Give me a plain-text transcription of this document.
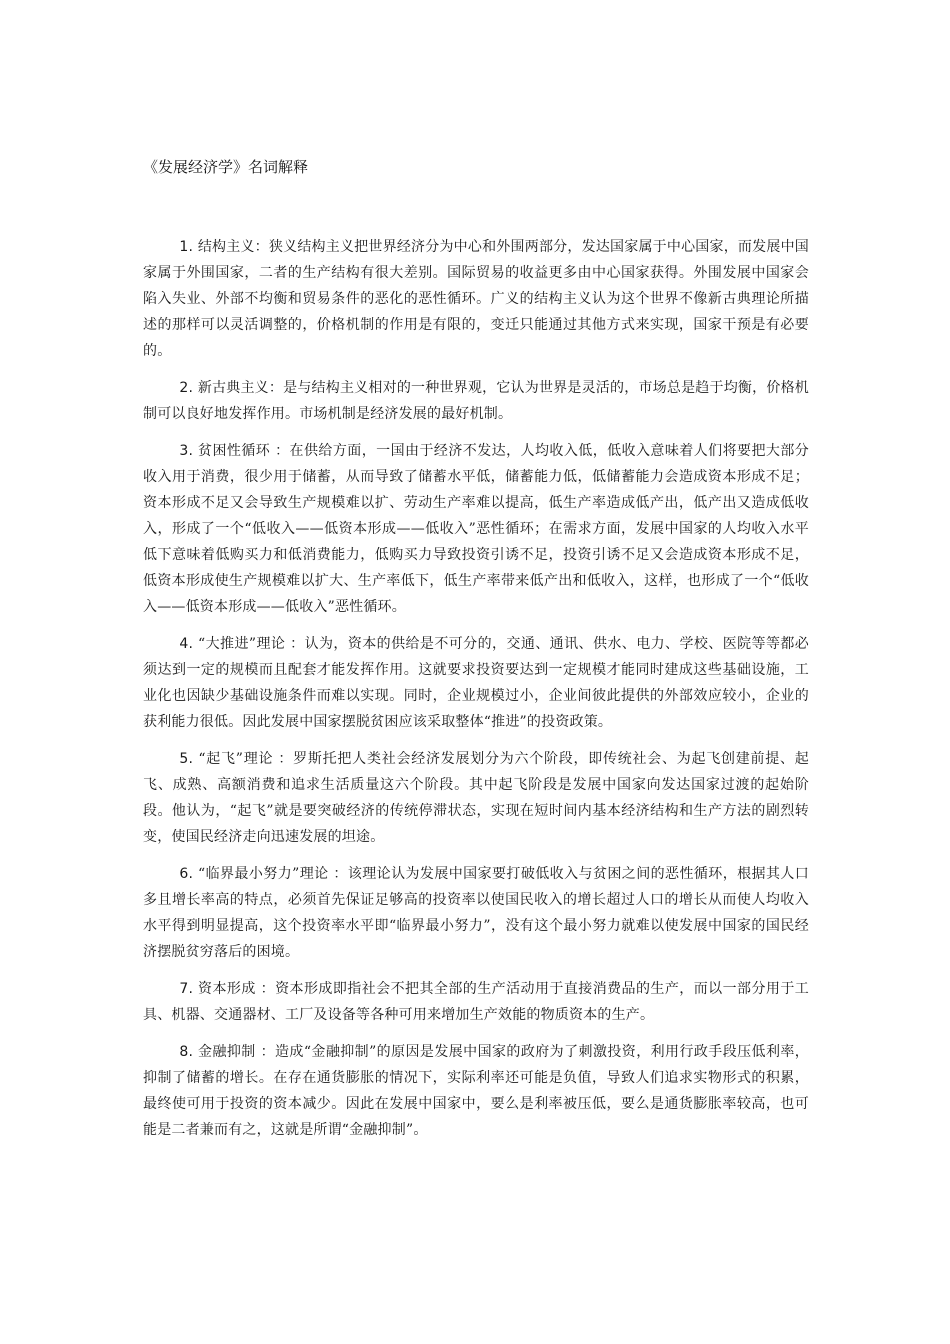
《发展经济学》名词解释

1. 结构主义：狭义结构主义把世界经济分为中心和外围两部分，发达国家属于中心国家，而发展中国家属于外围国家，二者的生产结构有很大差别。国际贸易的收益更多由中心国家获得。外围发展中国家会陷入失业、外部不均衡和贸易条件的恶化的恶性循环。广义的结构主义认为这个世界不像新古典理论所描述的那样可以灵活调整的，价格机制的作用是有限的，变迁只能通过其他方式来实现，国家干预是有必要的。

2. 新古典主义：是与结构主义相对的一种世界观，它认为世界是灵活的，市场总是趋于均衡，价格机制可以良好地发挥作用。市场机制是经济发展的最好机制。

3. 贫困性循环 ：在供给方面，一国由于经济不发达，人均收入低，低收入意味着人们将要把大部分收入用于消费，很少用于储蓄，从而导致了储蓄水平低，储蓄能力低，低储蓄能力会造成资本形成不足；资本形成不足又会导致生产规模难以扩、劳动生产率难以提高，低生产率造成低产出，低产出又造成低收入，形成了一个“低收入——低资本形成——低收入”恶性循环；在需求方面，发展中国家的人均收入水平低下意味着低购买力和低消费能力，低购买力导致投资引诱不足，投资引诱不足又会造成资本形成不足，低资本形成使生产规模难以扩大、生产率低下，低生产率带来低产出和低收入，这样，也形成了一个“低收入——低资本形成——低收入”恶性循环。

4. “大推进”理论 ：认为，资本的供给是不可分的，交通、通讯、供水、电力、学校、医院等等都必须达到一定的规模而且配套才能发挥作用。这就要求投资要达到一定规模才能同时建成这些基础设施，工业化也因缺少基础设施条件而难以实现。同时，企业规模过小，企业间彼此提供的外部效应较小，企业的获利能力很低。因此发展中国家摆脱贫困应该采取整体“推进”的投资政策。

5. “起飞”理论 ：罗斯托把人类社会经济发展划分为六个阶段，即传统社会、为起飞创建前提、起飞、成熟、高额消费和追求生活质量这六个阶段。其中起飞阶段是发展中国家向发达国家过渡的起始阶段。他认为，“起飞”就是要突破经济的传统停滞状态，实现在短时间内基本经济结构和生产方法的剧烈转变，使国民经济走向迅速发展的坦途。

6. “临界最小努力”理论 ：该理论认为发展中国家要打破低收入与贫困之间的恶性循环，根据其人口多且增长率高的特点，必须首先保证足够高的投资率以使国民收入的增长超过人口的增长从而使人均收入水平得到明显提高，这个投资率水平即“临界最小努力”，没有这个最小努力就难以使发展中国家的国民经济摆脱贫穷落后的困境。

7. 资本形成 ：资本形成即指社会不把其全部的生产活动用于直接消费品的生产，而以一部分用于工具、机器、交通器材、工厂及设备等各种可用来增加生产效能的物质资本的生产。

8. 金融抑制 ：造成“金融抑制”的原因是发展中国家的政府为了刺激投资，利用行政手段压低利率，抑制了储蓄的增长。在存在通货膨胀的情况下，实际利率还可能是负值，导致人们追求实物形式的积累，最终使可用于投资的资本减少。因此在发展中国家中，要么是利率被压低，要么是通货膨胀率较高，也可能是二者兼而有之，这就是所谓“金融抑制”。
